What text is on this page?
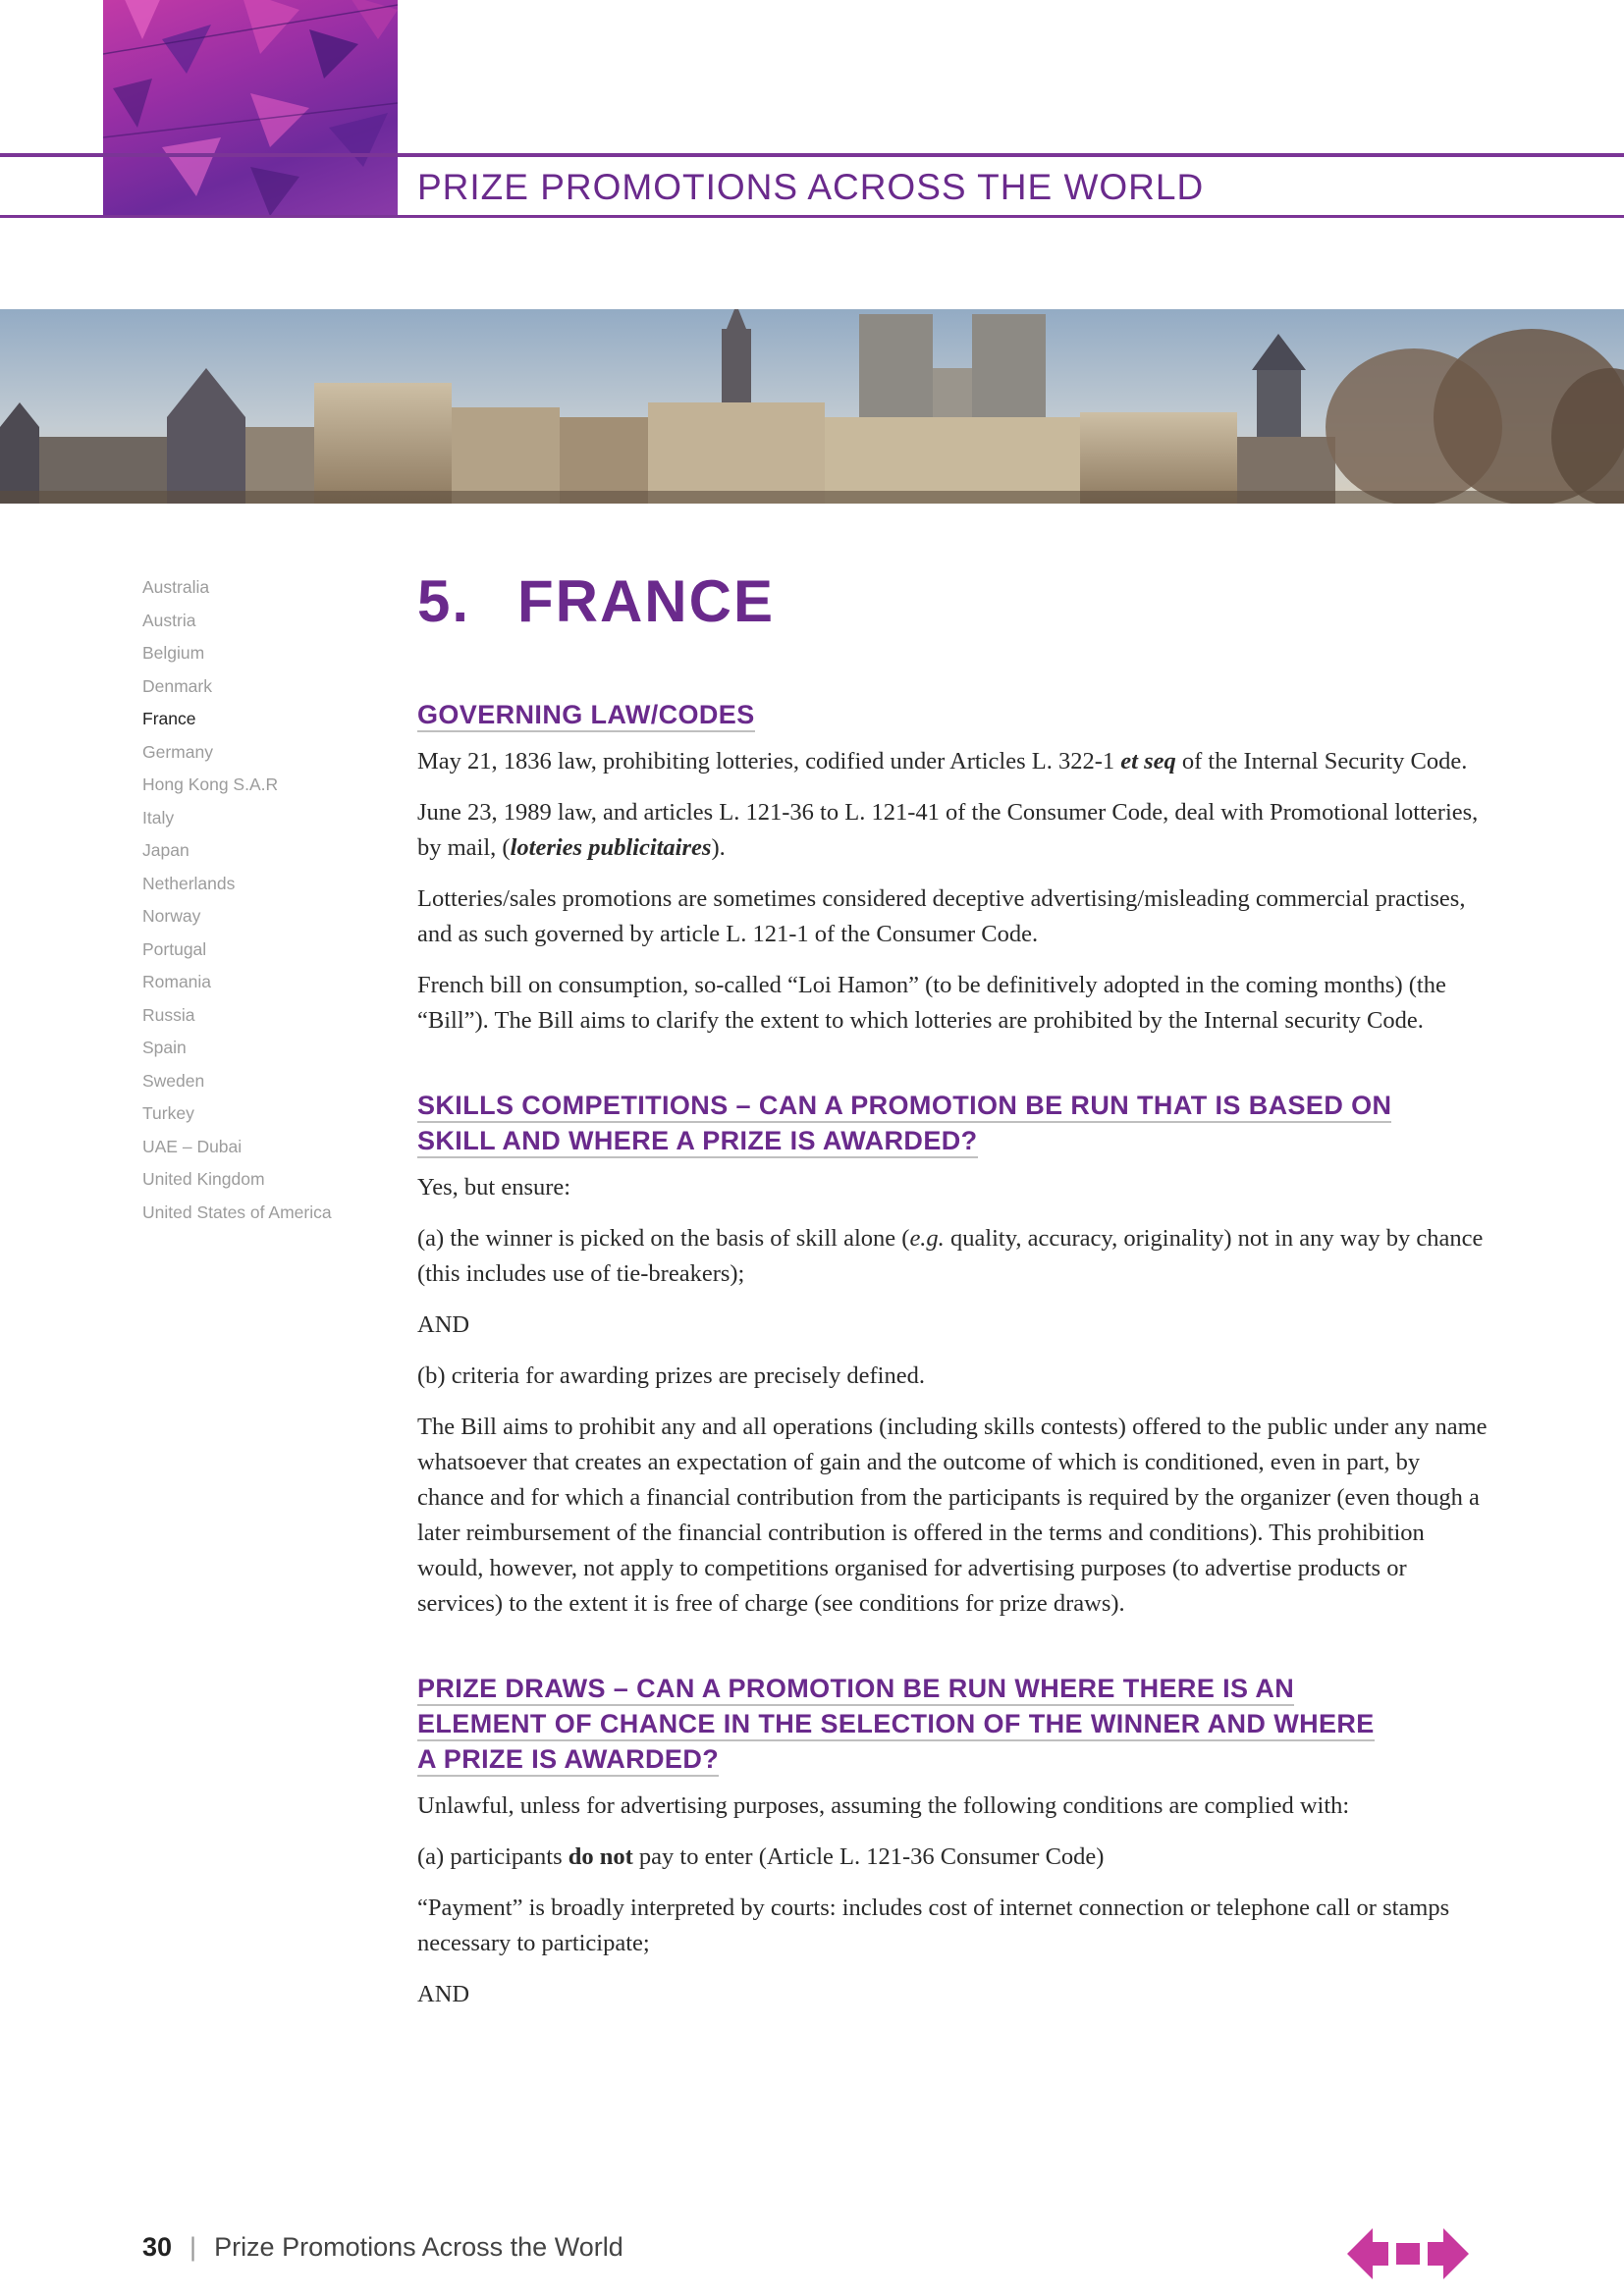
PRIZE PROMOTIONS ACROSS THE WORLD
Australia
Austria
Belgium
Denmark
France
Germany
Hong Kong S.A.R
Italy
Japan
Netherlands
Norway
Portugal
Romania
Russia
Spain
Sweden
Turkey
UAE – Dubai
United Kingdom
United States of America
5. FRANCE
GOVERNING LAW/CODES

May 21, 1836 law, prohibiting lotteries, codified under Articles L. 322-1 et seq of the Internal Security Code.

June 23, 1989 law, and articles L. 121-36 to L. 121-41 of the Consumer Code, deal with Promotional lotteries, by mail, (loteries publicitaires).

Lotteries/sales promotions are sometimes considered deceptive advertising/misleading commercial practises, and as such governed by article L. 121-1 of the Consumer Code.

French bill on consumption, so-called “Loi Hamon” (to be definitively adopted in the coming months) (the “Bill”). The Bill aims to clarify the extent to which lotteries are prohibited by the Internal security Code.

SKILLS COMPETITIONS – CAN A PROMOTION BE RUN THAT IS BASED ON
SKILL AND WHERE A PRIZE IS AWARDED?

Yes, but ensure:

(a) the winner is picked on the basis of skill alone (e.g. quality, accuracy, originality) not in any way by chance (this includes use of tie-breakers);

AND

(b) criteria for awarding prizes are precisely defined.

The Bill aims to prohibit any and all operations (including skills contests) offered to the public under any name whatsoever that creates an expectation of gain and the outcome of which is conditioned, even in part, by chance and for which a financial contribution from the participants is required by the organizer (even though a later reimbursement of the financial contribution is offered in the terms and conditions). This prohibition would, however, not apply to competitions organised for advertising purposes (to advertise products or services) to the extent it is free of charge (see conditions for prize draws).

PRIZE DRAWS – CAN A PROMOTION BE RUN WHERE THERE IS AN
ELEMENT OF CHANCE IN THE SELECTION OF THE WINNER AND WHERE
A PRIZE IS AWARDED?

Unlawful, unless for advertising purposes, assuming the following conditions are complied with:

(a) participants do not pay to enter (Article L. 121-36 Consumer Code)

“Payment” is broadly interpreted by courts: includes cost of internet connection or telephone call or stamps necessary to participate;

AND

30 | Prize Promotions Across the World
